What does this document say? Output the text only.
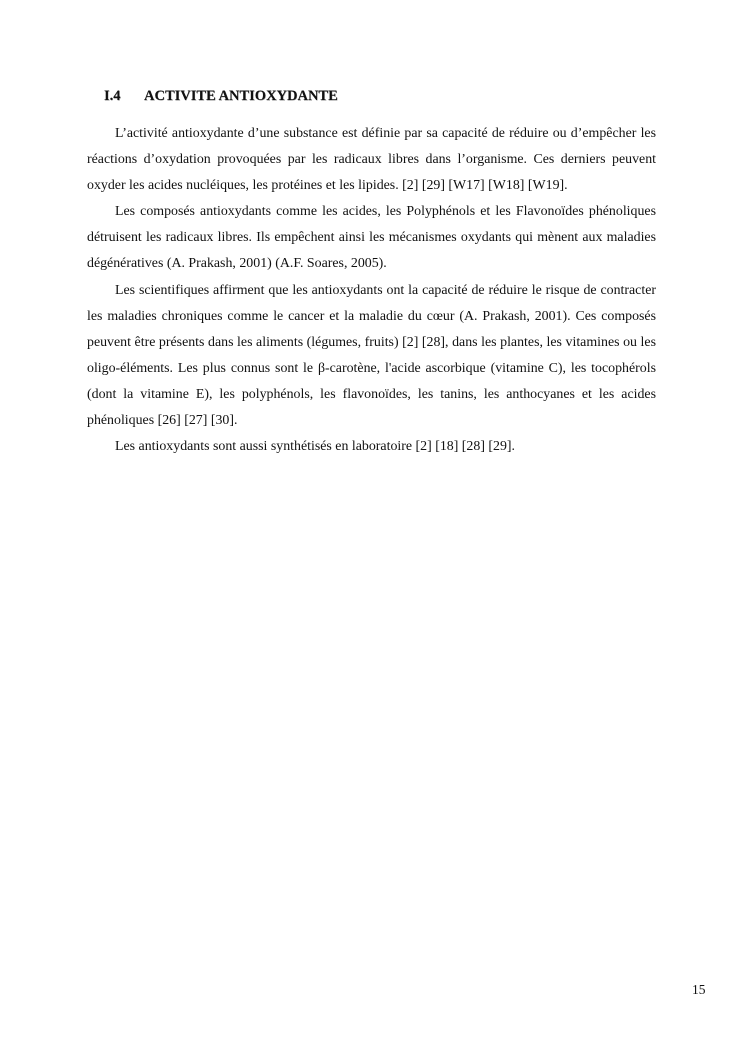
I.4 ACTIVITE ANTIOXYDANTE

L’activité antioxydante d’une substance est définie par sa capacité de réduire ou d’empêcher les réactions d’oxydation provoquées par les radicaux libres dans l’organisme. Ces derniers peuvent oxyder les acides nucléiques, les protéines et les lipides. [2] [29] [W17] [W18] [W19].

Les composés antioxydants comme les acides, les Polyphénols et les Flavonoïdes phénoliques détruisent les radicaux libres. Ils empêchent ainsi les mécanismes oxydants qui mènent aux maladies dégénératives (A. Prakash, 2001) (A.F. Soares, 2005).

Les scientifiques affirment que les antioxydants ont la capacité de réduire le risque de contracter les maladies chroniques comme le cancer et la maladie du cœur (A. Prakash, 2001). Ces composés peuvent être présents dans les aliments (légumes, fruits) [2] [28], dans les plantes, les vitamines ou les oligo-éléments. Les plus connus sont le β-carotène, l'acide ascorbique (vitamine C), les tocophérols (dont la vitamine E), les polyphénols, les flavonoïdes, les tanins, les anthocyanes et les acides phénoliques [26] [27] [30].

Les antioxydants sont aussi synthétisés en laboratoire [2] [18] [28] [29].

15
